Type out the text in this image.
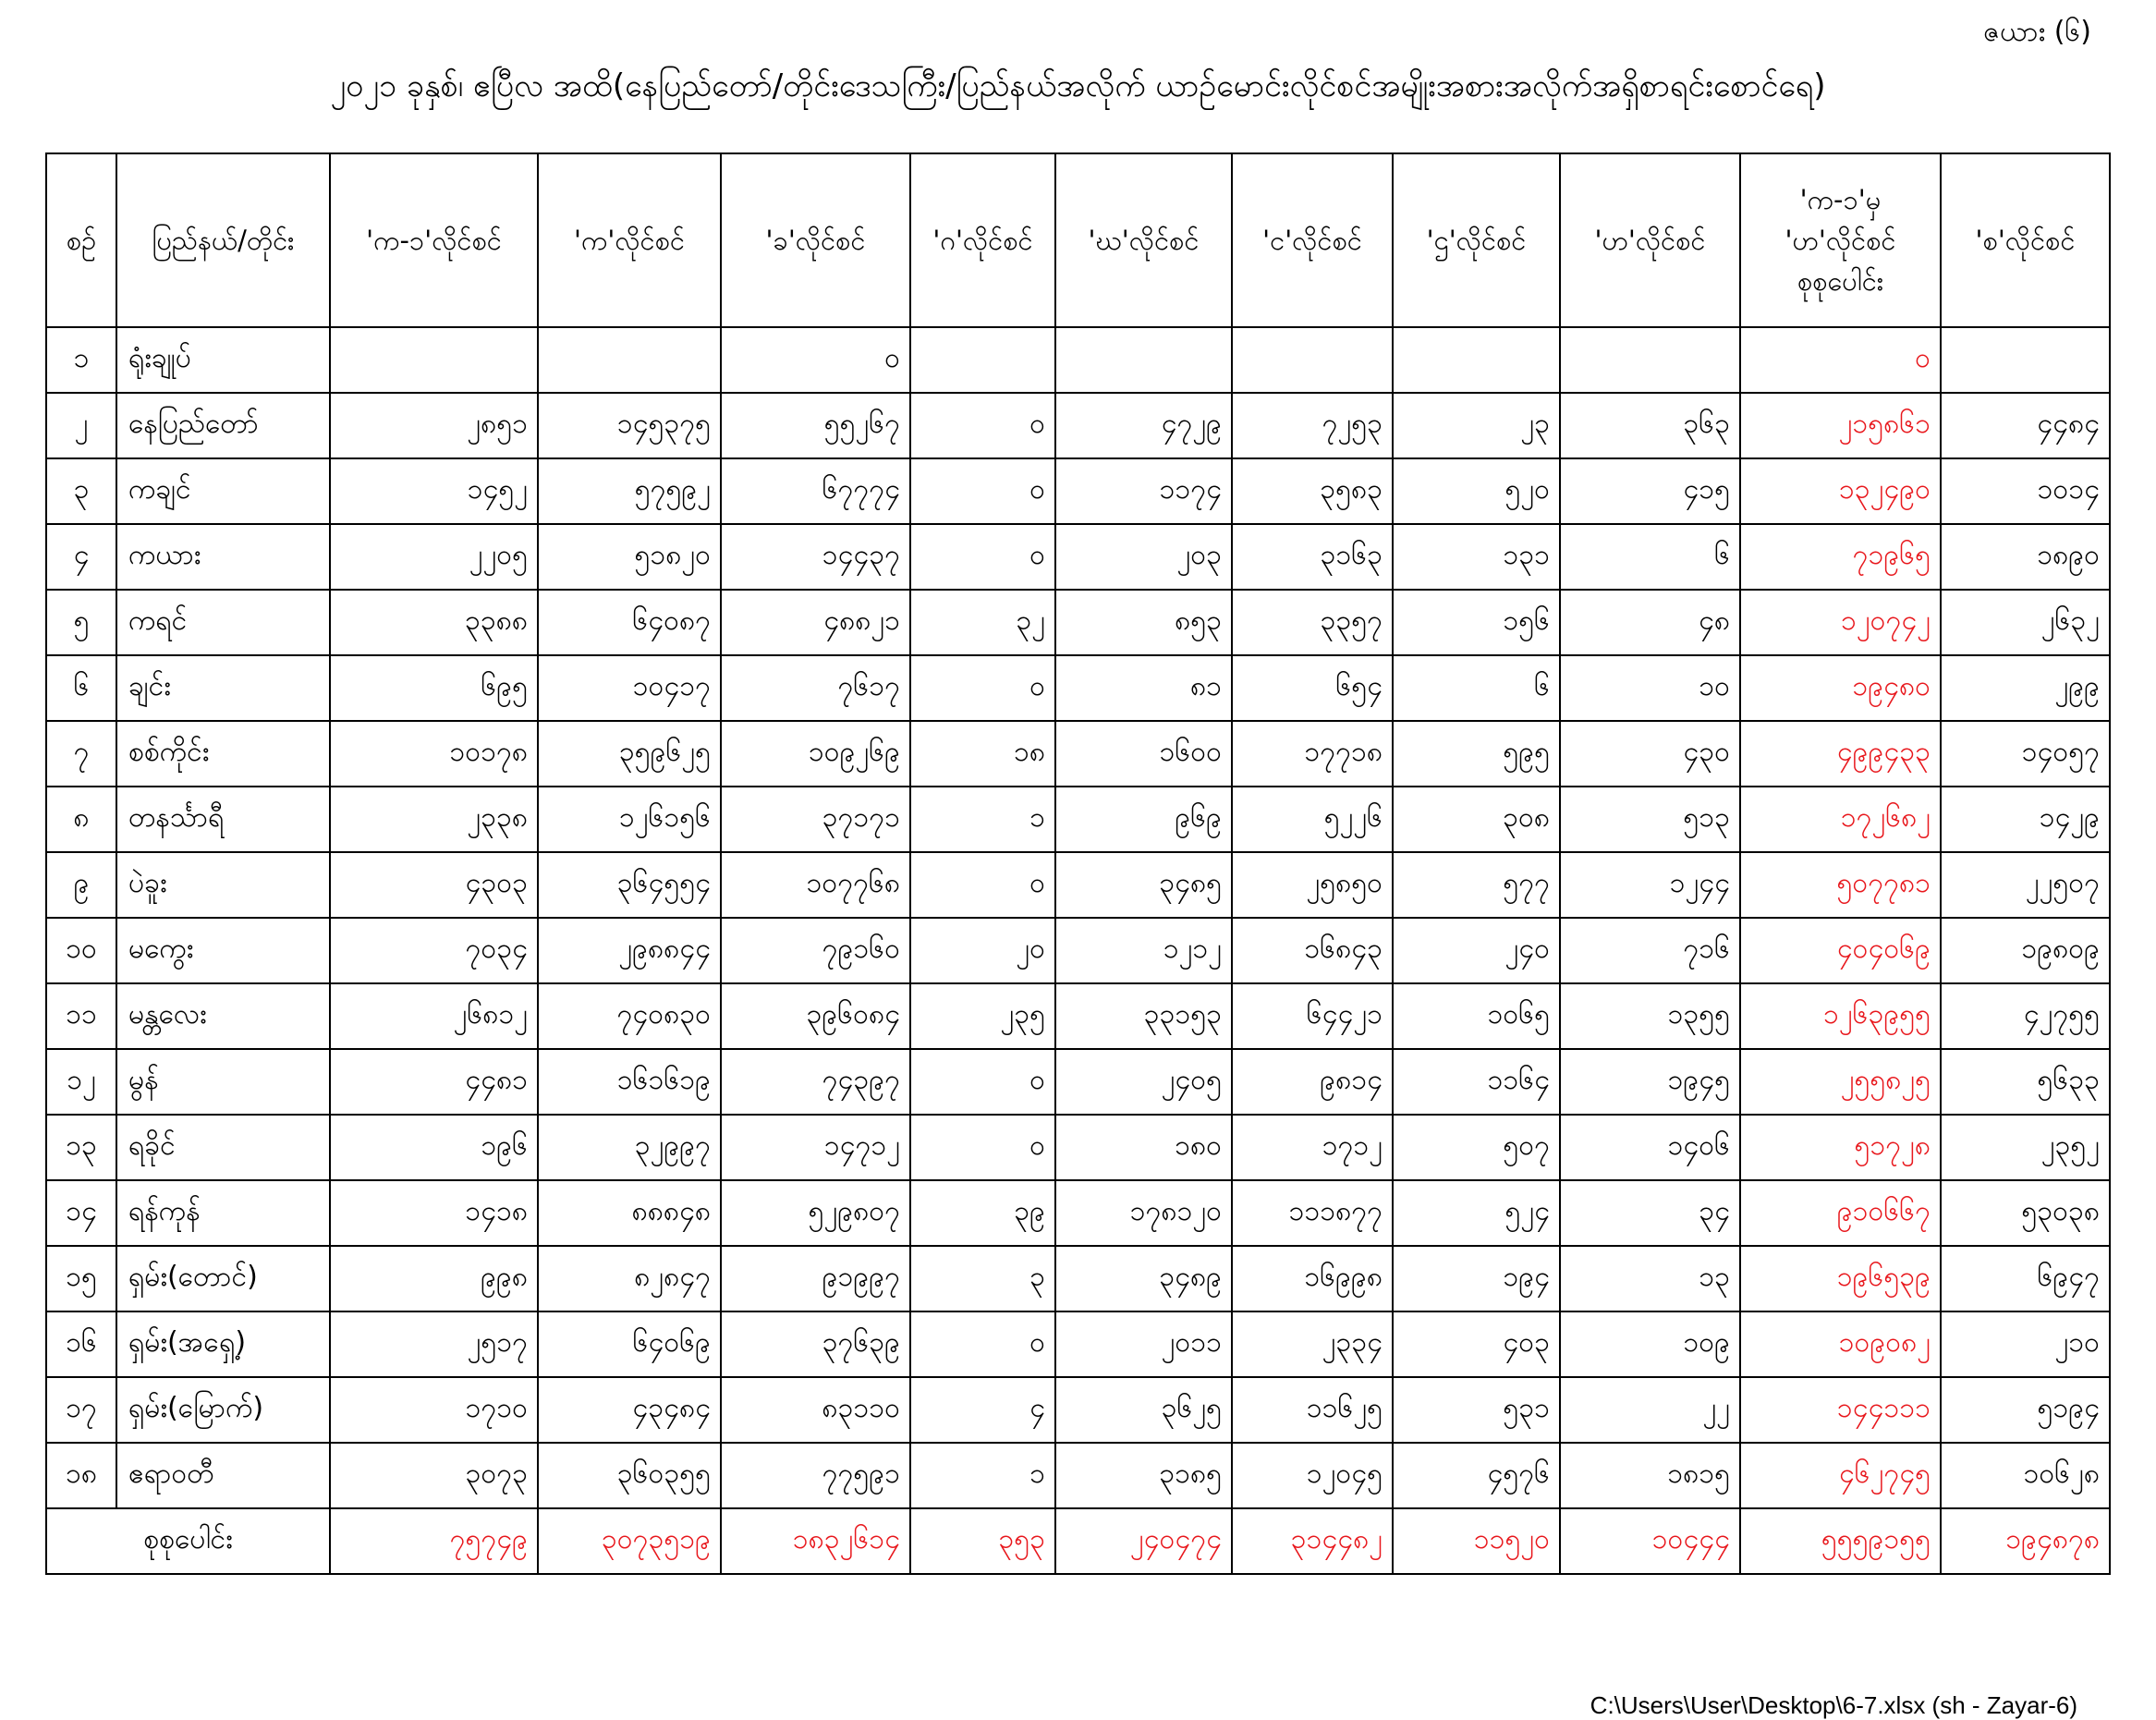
ဇယား (၆)
၂၀၂၁ ခုနှစ်၊ ဧပြီလ အထိ(နေပြည်တော်/တိုင်းဒေသကြီး/ပြည်နယ်အလိုက် ယာဉ်မောင်းလိုင်စင်အမျိုးအစားအလိုက်အရှိစာရင်းစောင်ရေ)
စဉ်	ပြည်နယ်/တိုင်း	'က-၁'လိုင်စင်	'က'လိုင်စင်	'ခ'လိုင်စင်	'ဂ'လိုင်စင်	'ဃ'လိုင်စင်	'င'လိုင်စင်	'ဌ'လိုင်စင်	'ဟ'လိုင်စင်	'က-၁'မှ 'ဟ'လိုင်စင် စုစုပေါင်း	'စ'လိုင်စင်
၁	ရုံးချုပ်			၀						၀	
၂	နေပြည်တော်	၂၈၅၁	၁၄၅၃၇၅	၅၅၂၆၇	၀	၄၇၂၉	၇၂၅၃	၂၃	၃၆၃	၂၁၅၈၆၁	၄၄၈၄
၃	ကချင်	၁၄၅၂	၅၇၅၉၂	၆၇၇၇၄	၀	၁၁၇၄	၃၅၈၃	၅၂၀	၄၁၅	၁၃၂၄၉၀	၁၀၁၄
၄	ကယား	၂၂၀၅	၅၁၈၂၀	၁၄၄၃၇	၀	၂၀၃	၃၁၆၃	၁၃၁	၆	၇၁၉၆၅	၁၈၉၀
၅	ကရင်	၃၃၈၈	၆၄၀၈၇	၄၈၈၂၁	၃၂	၈၅၃	၃၃၅၇	၁၅၆	၄၈	၁၂၀၇၄၂	၂၆၃၂
၆	ချင်း	၆၉၅	၁၀၄၁၇	၇၆၁၇	၀	၈၁	၆၅၄	၆	၁၀	၁၉၄၈၀	၂၉၉
၇	စစ်ကိုင်း	၁၀၁၇၈	၃၅၉၆၂၅	၁၀၉၂၆၉	၁၈	၁၆၀၀	၁၇၇၁၈	၅၉၅	၄၃၀	၄၉၉၄၃၃	၁၄၀၅၇
၈	တနင်္သာရီ	၂၃၃၈	၁၂၆၁၅၆	၃၇၁၇၁	၁	၉၆၉	၅၂၂၆	၃၀၈	၅၁၃	၁၇၂၆၈၂	၁၄၂၉
၉	ပဲခူး	၄၃၀၃	၃၆၄၅၅၄	၁၀၇၇၆၈	၀	၃၄၈၅	၂၅၈၅၀	၅၇၇	၁၂၄၄	၅၀၇၇၈၁	၂၂၅၀၇
၁၀	မကွေး	၇၀၃၄	၂၉၈၈၄၄	၇၉၁၆၀	၂၀	၁၂၁၂	၁၆၈၄၃	၂၄၀	၇၁၆	၄၀၄၀၆၉	၁၉၈၀၉
၁၁	မန္တလေး	၂၆၈၁၂	၇၄၀၈၃၀	၃၉၆၀၈၄	၂၃၅	၃၃၁၅၃	၆၄၄၂၁	၁၀၆၅	၁၃၅၅	၁၂၆၃၉၅၅	၄၂၇၅၅
၁၂	မွန်	၄၄၈၁	၁၆၁၆၁၉	၇၄၃၉၇	၀	၂၄၀၅	၉၈၁၄	၁၁၆၄	၁၉၄၅	၂၅၅၈၂၅	၅၆၃၃
၁၃	ရခိုင်	၁၉၆	၃၂၉၉၇	၁၄၇၁၂	၀	၁၈၀	၁၇၁၂	၅၀၇	၁၄၀၆	၅၁၇၂၈	၂၃၅၂
၁၄	ရန်ကုန်	၁၄၁၈	၈၈၈၄၈	၅၂၉၈၀၇	၃၉	၁၇၈၁၂၀	၁၁၁၈၇၇	၅၂၄	၃၄	၉၁၀၆၆၇	၅၃၀၃၈
၁၅	ရှမ်း(တောင်)	၉၉၈	၈၂၈၄၇	၉၁၉၉၇	၃	၃၄၈၉	၁၆၉၉၈	၁၉၄	၁၃	၁၉၆၅၃၉	၆၉၄၇
၁၆	ရှမ်း(အရှေ့)	၂၅၁၇	၆၄၀၆၉	၃၇၆၃၉	၀	၂၀၁၁	၂၃၃၄	၄၀၃	၁၀၉	၁၀၉၀၈၂	၂၁၀
၁၇	ရှမ်း(မြောက်)	၁၇၁၀	၄၃၄၈၄	၈၃၁၁၀	၄	၃၆၂၅	၁၁၆၂၅	၅၃၁	၂၂	၁၄၄၁၁၁	၅၁၉၄
၁၈	ဧရာဝတီ	၃၀၇၃	၃၆၀၃၅၅	၇၇၅၉၁	၁	၃၁၈၅	၁၂၀၄၅	၄၅၇၆	၁၈၁၅	၄၆၂၇၄၅	၁၀၆၂၈
စုစုပေါင်း		၇၅၇၄၉	၃၀၇၃၅၁၉	၁၈၃၂၆၁၄	၃၅၃	၂၄၀၄၇၄	၃၁၄၄၈၂	၁၁၅၂၀	၁၀၄၄၄	၅၅၅၉၁၅၅	၁၉၄၈၇၈
C:\Users\User\Desktop\6-7.xlsx (sh - Zayar-6)
